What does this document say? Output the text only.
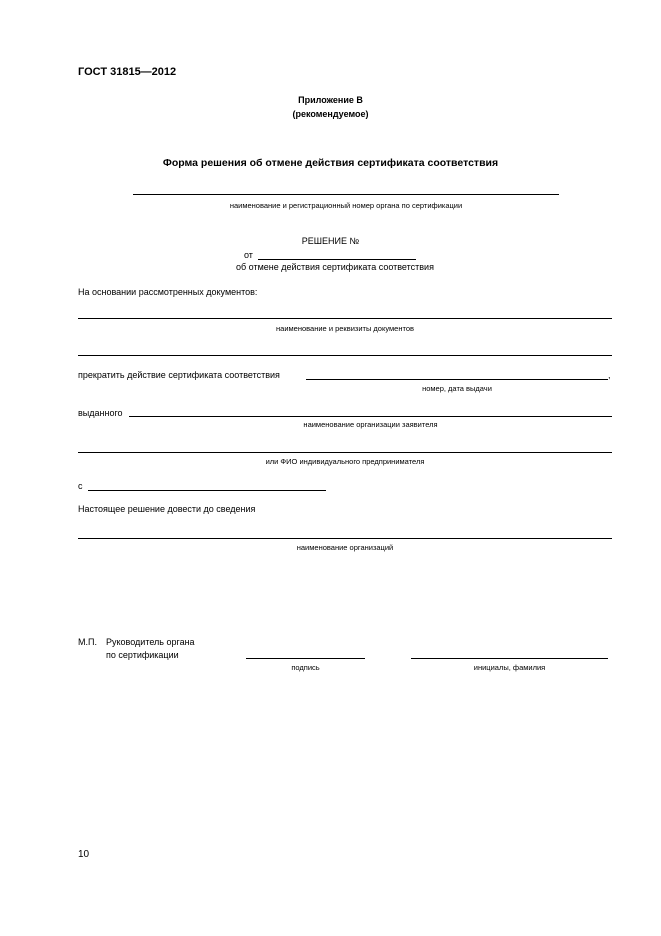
ГОСТ 31815—2012
Приложение В
(рекомендуемое)
Форма решения об отмене действия сертификата соответствия
наименование и регистрационный номер органа по сертификации
РЕШЕНИЕ №
от
об отмене действия сертификата соответствия
На основании рассмотренных документов:
наименование и реквизиты документов
прекратить действие сертификата соответствия	,
номер, дата выдачи
выданного
наименование организации заявителя
или ФИО индивидуального предпринимателя
с
Настоящее решение довести до сведения
наименование организаций
М.П. Руководитель органа
по сертификации
подпись	инициалы, фамилия
10
